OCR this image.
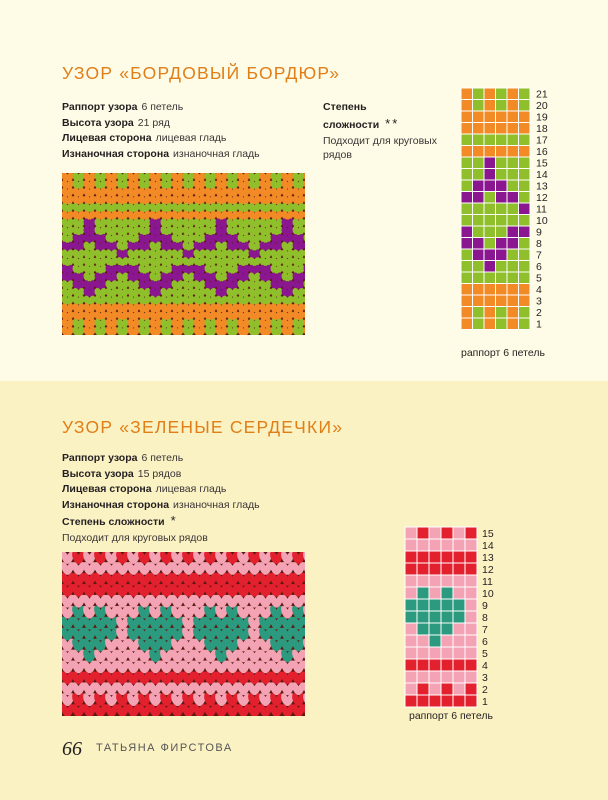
УЗОР «БОРДОВЫЙ БОРДЮР»
Раппорт узора 6 петель
Высота узора 21 ряд
Лицевая сторона лицевая гладь
Изнаночная сторона изнаночная гладь
Степень
сложности **
Подходит для круговых рядов
21
20
19
18
17
16
15
14
13
12
11
10
9
8
7
6
5
4
3
2
1
раппорт 6 петель
УЗОР «ЗЕЛЕНЫЕ СЕРДЕЧКИ»
Раппорт узора 6 петель
Высота узора 15 рядов
Лицевая сторона лицевая гладь
Изнаночная сторона изнаночная гладь
Степень сложности *
Подходит для круговых рядов	15
14
13
12
11
10
9
8
7
6
5
4
3
2
1
раппорт 6 петель
66 $^{ТАТЬЯНА ФИРСТОВА}$
